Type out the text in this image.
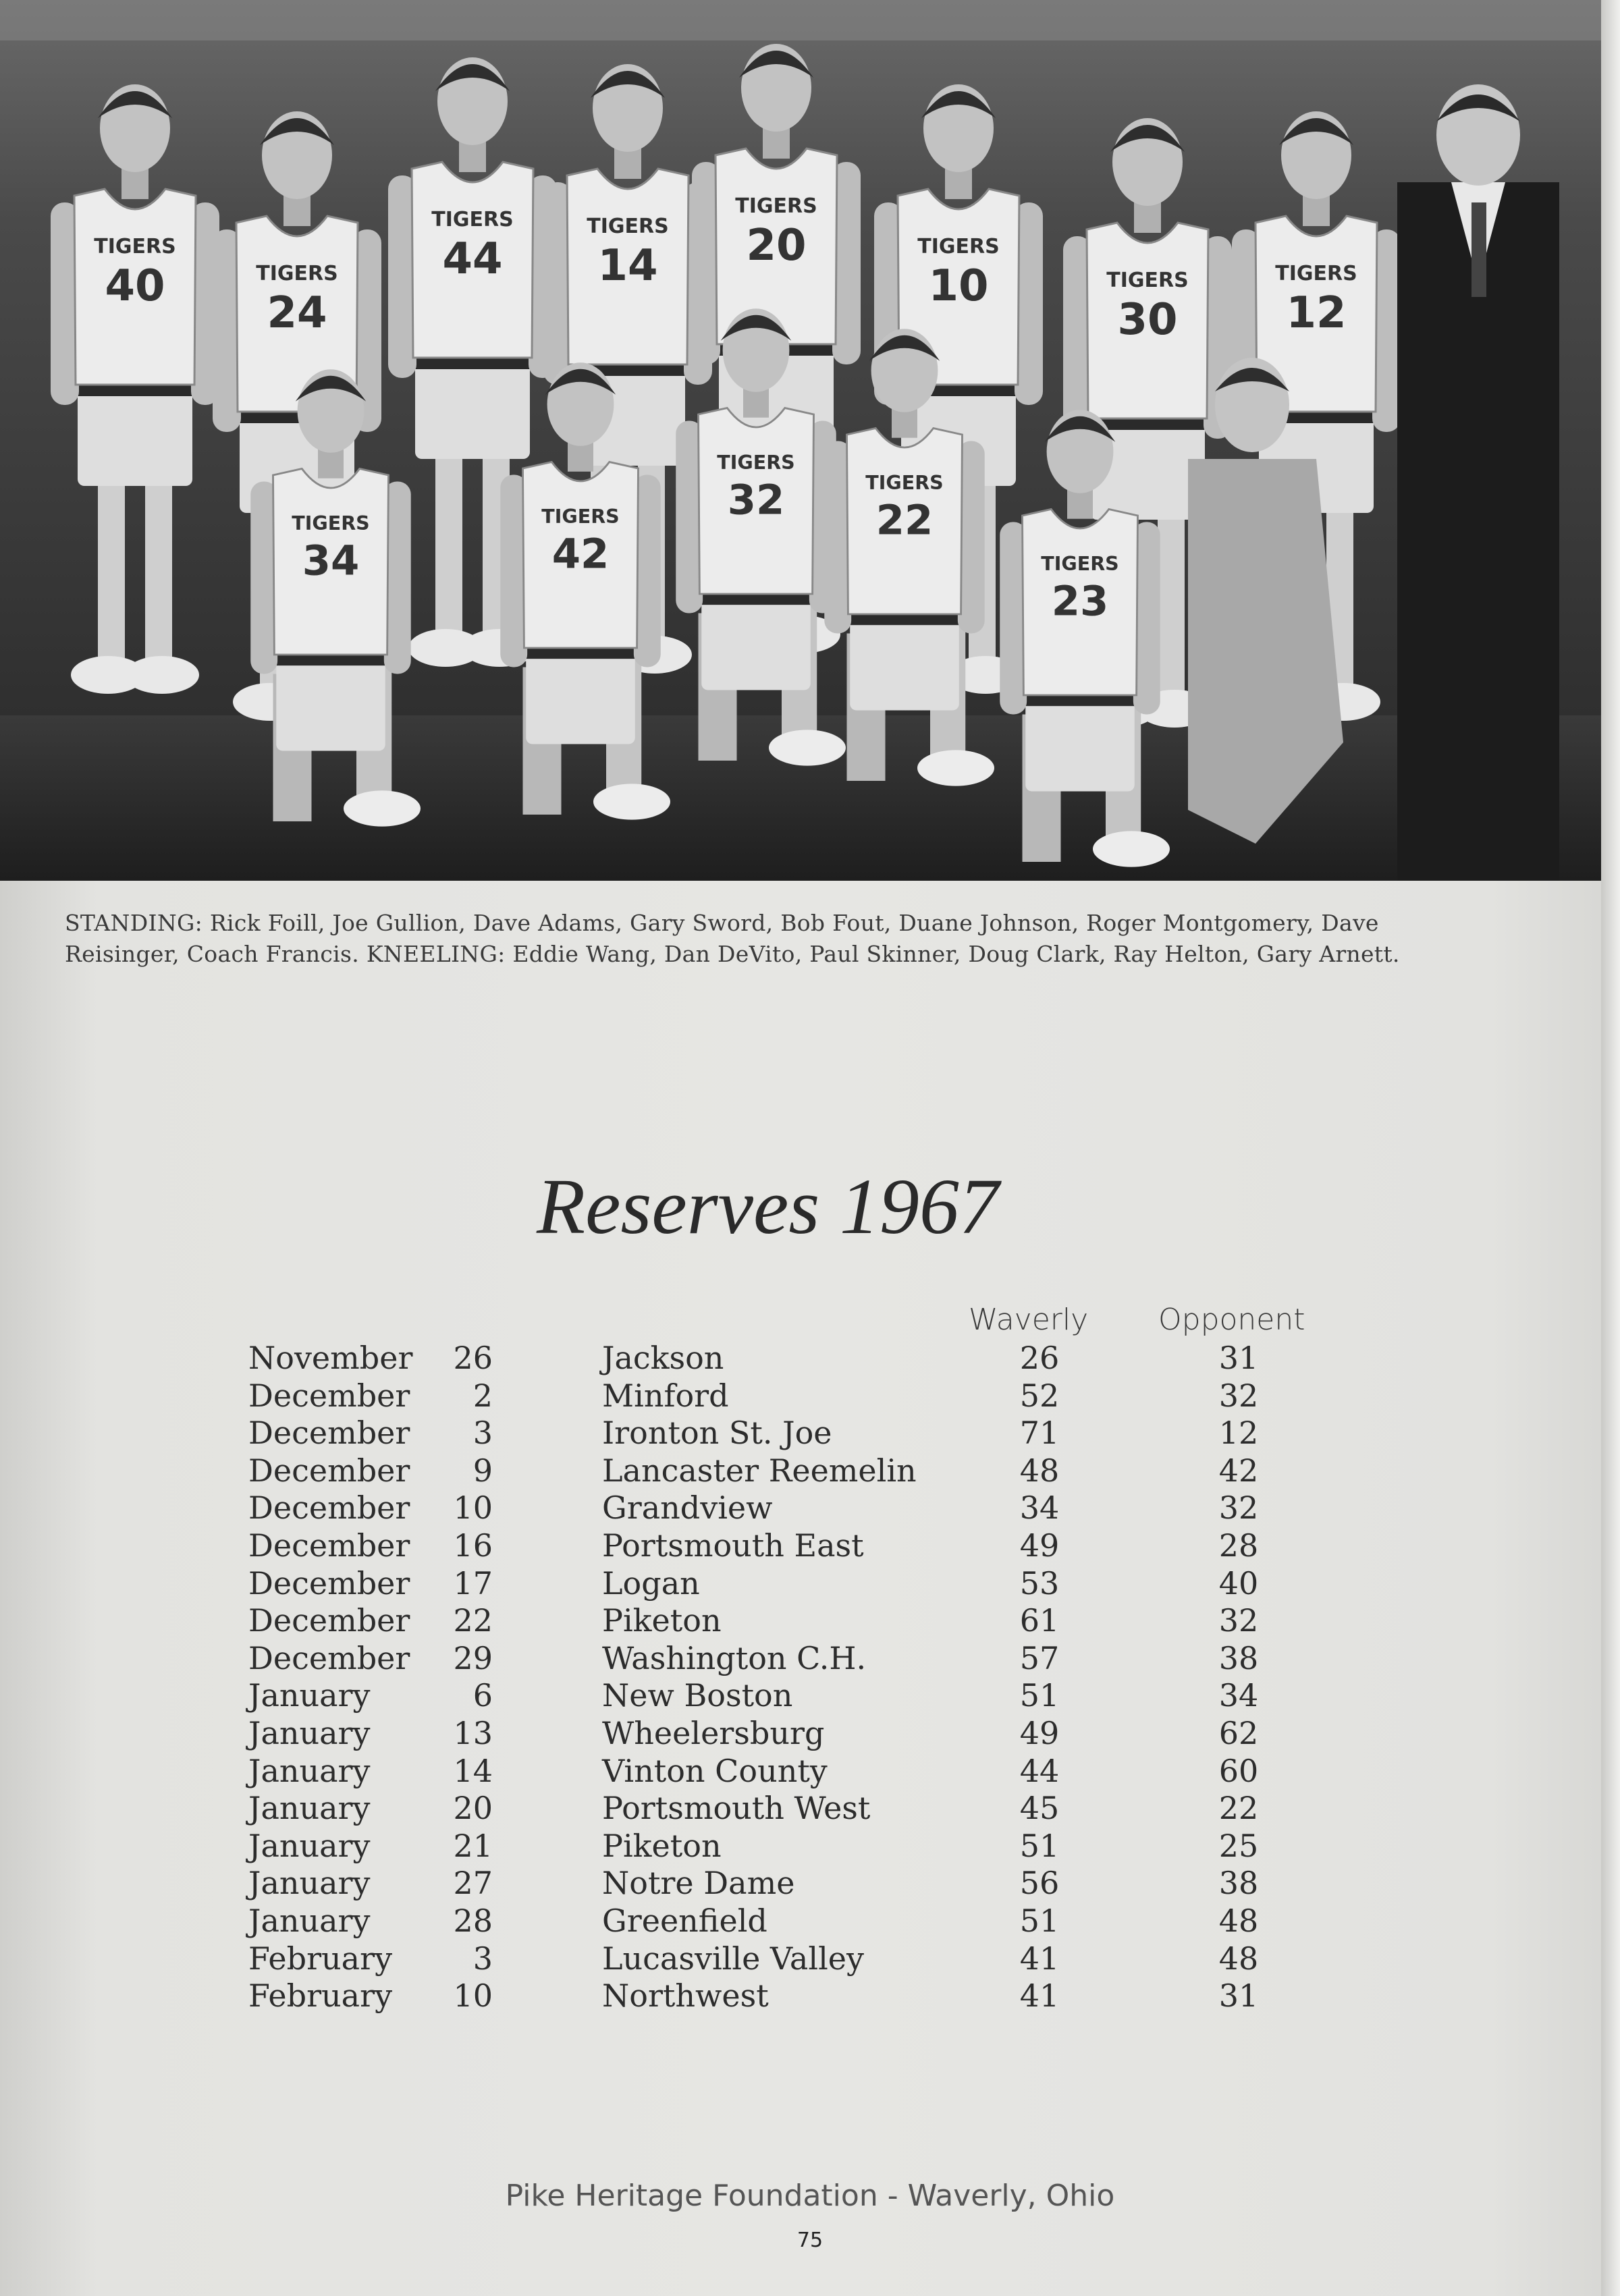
TIGERS
40	TIGERS
24
TIGERS
44
TIGERS
14
TIGERS
20	TIGERS
10	TIGERS
30
TIGERS
12
TIGERS
34
TIGERS
42
TIGERS
32	TIGERS
22
TIGERS
23
STANDING: Rick Foill, Joe Gullion, Dave Adams, Gary Sword, Bob Fout, Duane Johnson, Roger Montgomery, Dave Reisinger, Coach Francis. KNEELING: Eddie Wang, Dan DeVito, Paul Skinner, Doug Clark, Ray Helton, Gary Arnett.
Reserves 1967
Waverly Opponent
November	26	Jackson	26	31
December	2	Minford	52	32
December	3	Ironton St. Joe	71	12
December	9	Lancaster Reemelin	48	42
December	10	Grandview	34	32
December	16	Portsmouth East	49	28
December	17	Logan	53	40
December	22	Piketon	61	32
December	29	Washington C.H.	57	38
January	6	New Boston	51	34
January	13	Wheelersburg	49	62
January	14	Vinton County	44	60
January	20	Portsmouth West	45	22
January	21	Piketon	51	25
January	27	Notre Dame	56	38
January	28	Greenfield	51	48
February	3	Lucasville Valley	41	48
February	10	Northwest	41	31
Pike Heritage Foundation - Waverly, Ohio
75
